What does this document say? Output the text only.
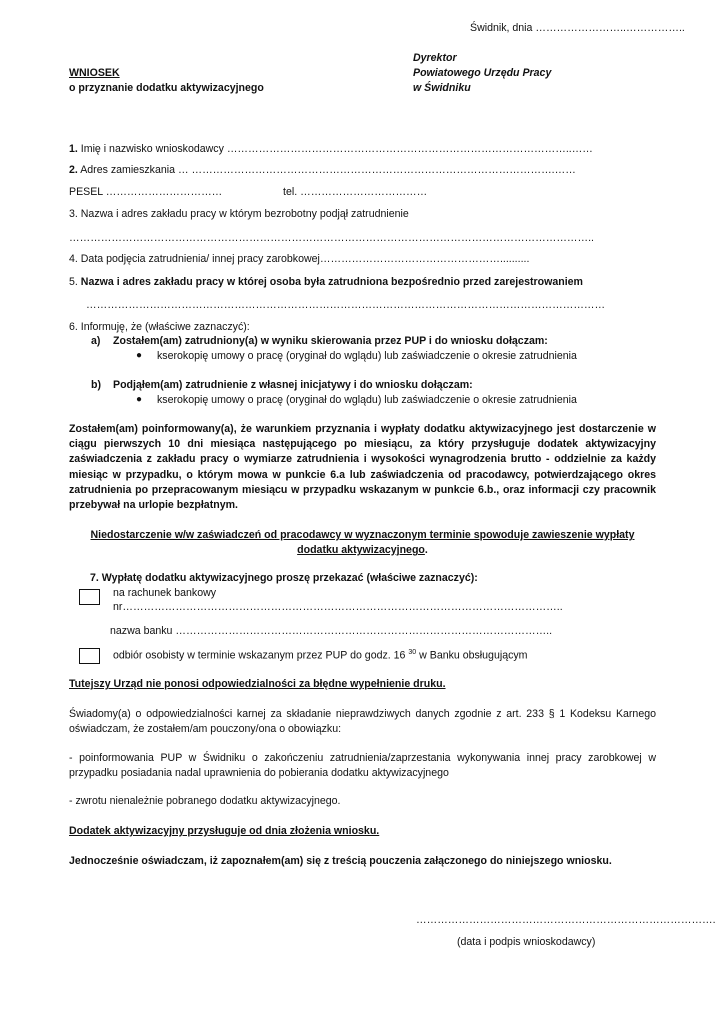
Świdnik, dnia ……………………..……………..
Dyrektor
Powiatowego Urzędu Pracy
w Świdniku
WNIOSEK
o przyznanie dodatku aktywizacyjnego
1. Imię i nazwisko wnioskodawcy ……………………………………………………………………………………..……
2. Adres zamieszkania … ………………………………………………………………………………………….……
PESEL ……………………………	tel. ………………………………
3. Nazwa i adres zakładu pracy w którym bezrobotny podjął zatrudnienie
…………………………………………………………………………………………………………………………………..
4. Data podjęcia zatrudnienia/ innej pracy zarobkowej……………………………………………..........
5. Nazwa i adres zakładu pracy w której osoba była zatrudniona bezpośrednio przed zarejestrowaniem
…………………………………………………………………………………………………………………………………
6. Informuję, że (właściwe zaznaczyć):
a) Zostałem(am) zatrudniony(a) w wyniku skierowania przez PUP i do wniosku dołączam:
● kserokopię umowy o pracę (oryginał do wglądu) lub zaświadczenie o okresie zatrudnienia
b) Podjąłem(am) zatrudnienie z własnej inicjatywy i do wniosku dołączam:
● kserokopię umowy o pracę (oryginał do wglądu) lub zaświadczenie o okresie zatrudnienia
Zostałem(am) poinformowany(a), że warunkiem przyznania i wypłaty dodatku aktywizacyjnego jest dostarczenie w ciągu pierwszych 10 dni miesiąca następującego po miesiącu, za który przysługuje dodatek aktywizacyjny zaświadczenia z zakładu pracy o wymiarze zatrudnienia i wysokości wynagrodzenia brutto - oddzielnie za każdy miesiąc w przypadku, o którym mowa w punkcie 6.a lub zaświadczenia od pracodawcy, potwierdzającego okres zatrudnienia po przepracowanym miesiącu w przypadku wskazanym w punkcie 6.b., oraz informacji czy pracownik przebywał na urlopie bezpłatnym.
Niedostarczenie w/w zaświadczeń od pracodawcy w wyznaczonym terminie spowoduje zawieszenie wypłaty dodatku aktywizacyjnego.
7. Wypłatę dodatku aktywizacyjnego proszę przekazać (właściwe zaznaczyć):
na rachunek bankowy
nr……………………………………………………………………………………………………………..
nazwa banku ……………………………………………………………………………………………..
odbiór osobisty w terminie wskazanym przez PUP do godz. 16 $^{30}$ w Banku obsługującym
Tutejszy Urząd nie ponosi odpowiedzialności za błędne wypełnienie druku.
Świadomy(a) o odpowiedzialności karnej za składanie nieprawdziwych danych zgodnie z art. 233 § 1 Kodeksu Karnego oświadczam, że zostałem/am pouczony/ona o obowiązku:
- poinformowania PUP w Świdniku o zakończeniu zatrudnienia/zaprzestania wykonywania innej pracy zarobkowej w przypadku posiadania nadal uprawnienia do pobierania dodatku aktywizacyjnego
- zwrotu nienależnie pobranego dodatku aktywizacyjnego.
Dodatek aktywizacyjny przysługuje od dnia złożenia wniosku.
Jednocześnie oświadczam, iż zapoznałem(am) się z treścią pouczenia załączonego do niniejszego wniosku.
………………………………………………………………………….
(data i podpis wnioskodawcy)
